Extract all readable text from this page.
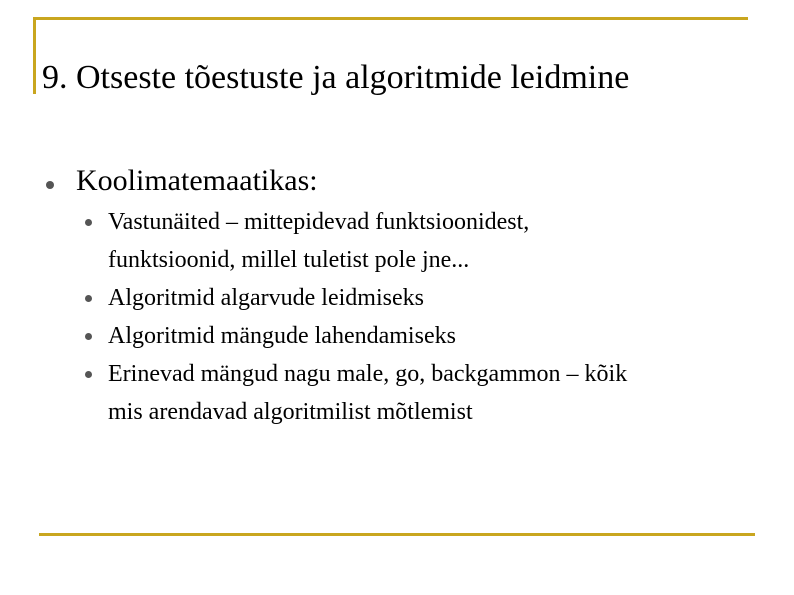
9. Otseste tõestuste ja algoritmide leidmine
Koolimatemaatikas:
Vastunäited – mittepidevad funktsioonidest,
funktsioonid, millel tuletist pole jne...
Algoritmid algarvude leidmiseks
Algoritmid mängude lahendamiseks
Erinevad mängud nagu male, go, backgammon – kõik
mis arendavad algoritmilist mõtlemist
